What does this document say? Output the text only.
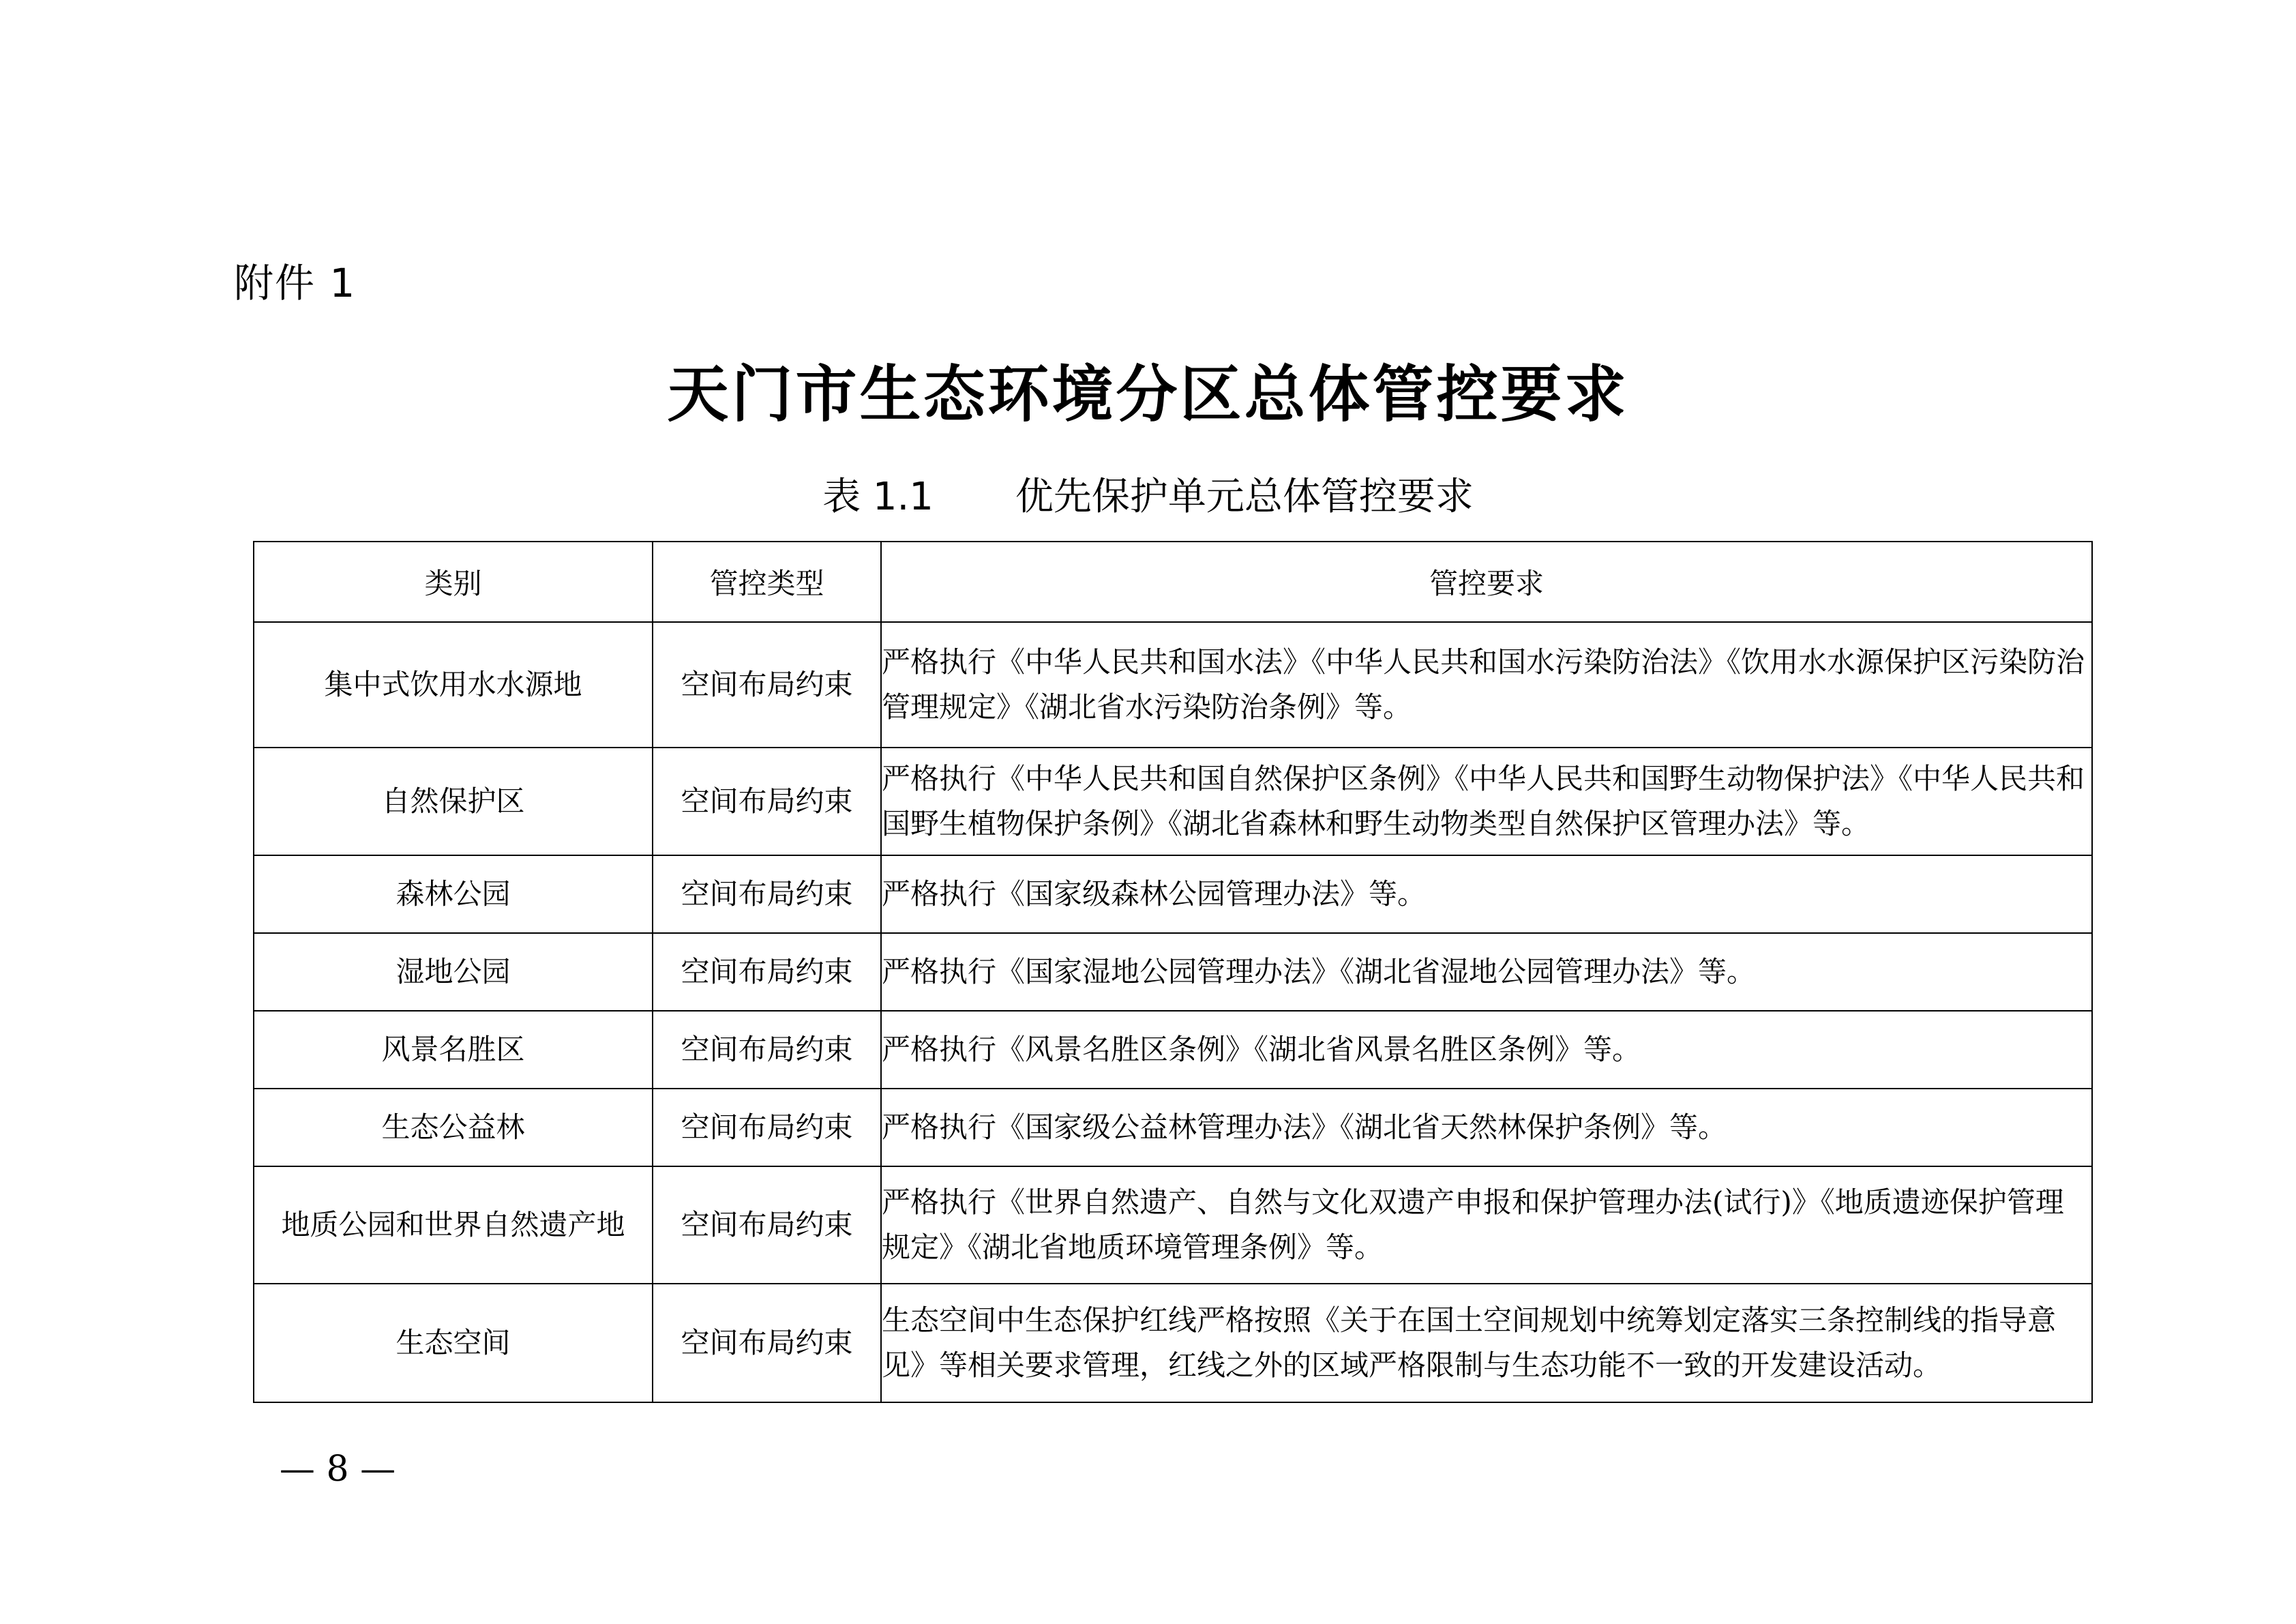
附件 1
天门市生态环境分区总体管控要求
表 1.1 优先保护单元总体管控要求
类别	管控类型	管控要求
集中式饮用水水源地	空间布局约束	严格执行《中华人民共和国水法》《中华人民共和国水污染防治法》《饮用水水源保护区污染防治管理规定》《湖北省水污染防治条例》等。
自然保护区	空间布局约束	严格执行《中华人民共和国自然保护区条例》《中华人民共和国野生动物保护法》《中华人民共和国野生植物保护条例》《湖北省森林和野生动物类型自然保护区管理办法》等。
森林公园	空间布局约束	严格执行《国家级森林公园管理办法》等。
湿地公园	空间布局约束	严格执行《国家湿地公园管理办法》《湖北省湿地公园管理办法》等。
风景名胜区	空间布局约束	严格执行《风景名胜区条例》《湖北省风景名胜区条例》等。
生态公益林	空间布局约束	严格执行《国家级公益林管理办法》《湖北省天然林保护条例》等。
地质公园和世界自然遗产地	空间布局约束	严格执行《世界自然遗产、自然与文化双遗产申报和保护管理办法(试行)》《地质遗迹保护管理规定》《湖北省地质环境管理条例》等。
生态空间	空间布局约束	生态空间中生态保护红线严格按照《关于在国土空间规划中统筹划定落实三条控制线的指导意见》等相关要求管理，红线之外的区域严格限制与生态功能不一致的开发建设活动。
— 8 —
